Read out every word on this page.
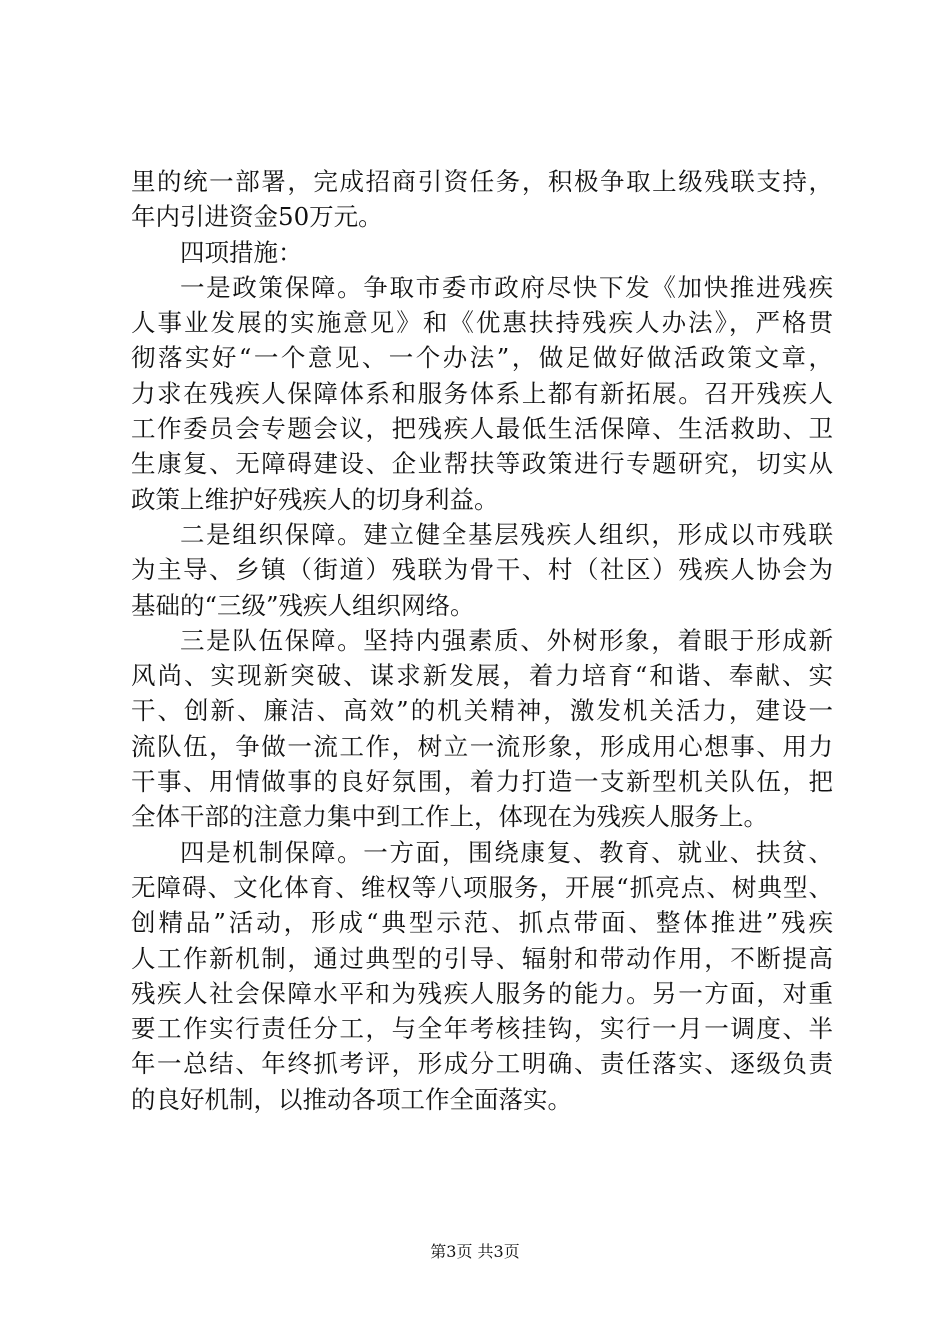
里的统一部署，完成招商引资任务，积极争取上级残联支持，
年内引进资金50万元。
四项措施：
一是政策保障。争取市委市政府尽快下发《加快推进残疾
人事业发展的实施意见》和《优惠扶持残疾人办法》，严格贯
彻落实好“一个意见、一个办法”，做足做好做活政策文章，
力求在残疾人保障体系和服务体系上都有新拓展。召开残疾人
工作委员会专题会议，把残疾人最低生活保障、生活救助、卫
生康复、无障碍建设、企业帮扶等政策进行专题研究，切实从
政策上维护好残疾人的切身利益。
二是组织保障。建立健全基层残疾人组织，形成以市残联
为主导、乡镇（街道）残联为骨干、村（社区）残疾人协会为
基础的“三级”残疾人组织网络。
三是队伍保障。坚持内强素质、外树形象，着眼于形成新
风尚、实现新突破、谋求新发展，着力培育“和谐、奉献、实
干、创新、廉洁、高效”的机关精神，激发机关活力，建设一
流队伍，争做一流工作，树立一流形象，形成用心想事、用力
干事、用情做事的良好氛围，着力打造一支新型机关队伍，把
全体干部的注意力集中到工作上，体现在为残疾人服务上。
四是机制保障。一方面，围绕康复、教育、就业、扶贫、
无障碍、文化体育、维权等八项服务，开展“抓亮点、树典型、
创精品”活动，形成“典型示范、抓点带面、整体推进”残疾
人工作新机制，通过典型的引导、辐射和带动作用，不断提高
残疾人社会保障水平和为残疾人服务的能力。另一方面，对重
要工作实行责任分工，与全年考核挂钩，实行一月一调度、半
年一总结、年终抓考评，形成分工明确、责任落实、逐级负责
的良好机制，以推动各项工作全面落实。
第3页 共3页
